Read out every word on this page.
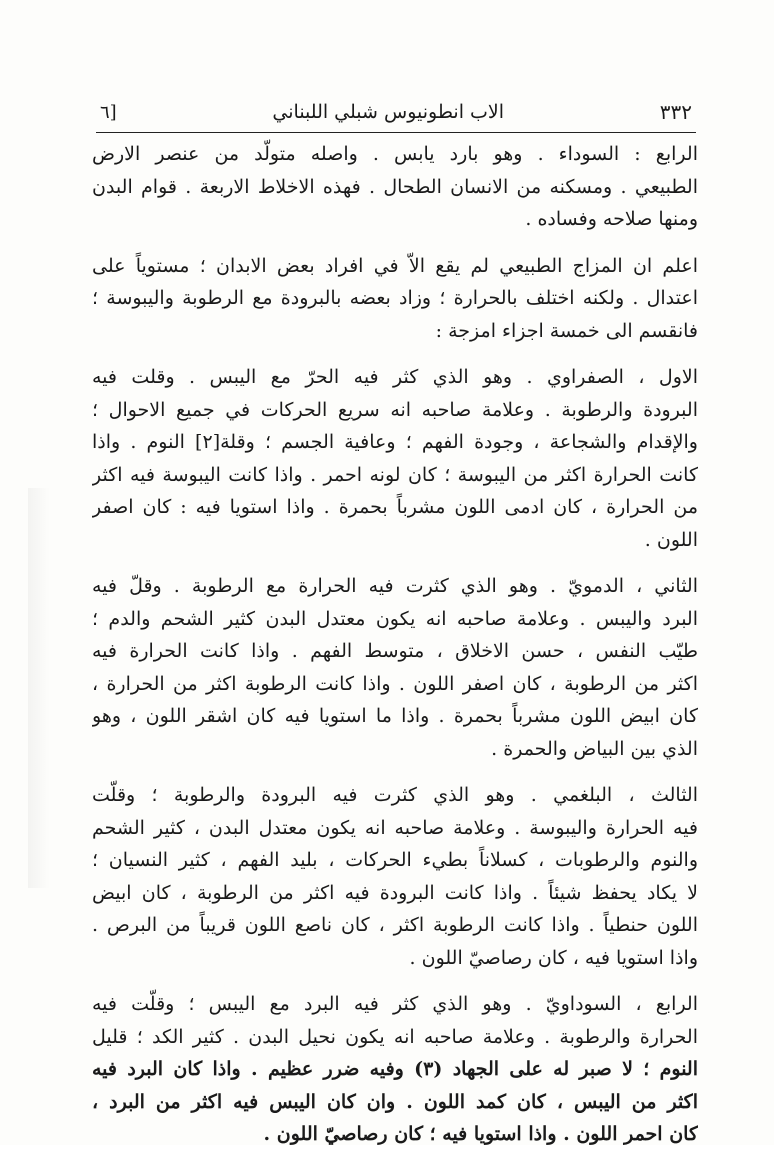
٣٣٢
الاب انطونيوس شبلي اللبناني
[٦
الرابع : السوداء . وهو بارد يابس . واصله متولّد من عنصر الارض
الطبيعي . ومسكنه من الانسان الطحال . فهذه الاخلاط الاربعة . قوام البدن
ومنها صلاحه وفساده .
اعلم ان المزاج الطبيعي لم يقع الاّ في افراد بعض الابدان ؛ مستوياً على
اعتدال . ولكنه اختلف بالحرارة ؛ وزاد بعضه بالبرودة مع الرطوبة واليبوسة ؛
فانقسم الى خمسة اجزاء امزجة :
الاول ، الصفراوي . وهو الذي كثر فيه الحرّ مع اليبس . وقلت فيه
البرودة والرطوبة . وعلامة صاحبه انه سريع الحركات في جميع الاحوال ؛
والإقدام والشجاعة ، وجودة الفهم ؛ وعافية الجسم ؛ وقلة[٢] النوم . واذا
كانت الحرارة اكثر من اليبوسة ؛ كان لونه احمر . واذا كانت اليبوسة فيه اكثر
من الحرارة ، كان ادمى اللون مشرباً بحمرة . واذا استويا فيه : كان اصفر
اللون .
الثاني ، الدمويّ . وهو الذي كثرت فيه الحرارة مع الرطوبة . وقلّ فيه
البرد واليبس . وعلامة صاحبه انه يكون معتدل البدن كثير الشحم والدم ؛
طيّب النفس ، حسن الاخلاق ، متوسط الفهم . واذا كانت الحرارة فيه
اكثر من الرطوبة ، كان اصفر اللون . واذا كانت الرطوبة اكثر من الحرارة ،
كان ابيض اللون مشرباً بحمرة . واذا ما استويا فيه كان اشقر اللون ، وهو
الذي بين البياض والحمرة .
الثالث ، البلغمي . وهو الذي كثرت فيه البرودة والرطوبة ؛ وقلّت
فيه الحرارة واليبوسة . وعلامة صاحبه انه يكون معتدل البدن ، كثير الشحم
والنوم والرطوبات ، كسلاناً بطيء الحركات ، بليد الفهم ، كثير النسيان ؛
لا يكاد يحفظ شيئاً . واذا كانت البرودة فيه اكثر من الرطوبة ، كان ابيض
اللون حنطياً . واذا كانت الرطوبة اكثر ، كان ناصع اللون قريباً من البرص .
واذا استويا فيه ، كان رصاصيّ اللون .
الرابع ، السوداويّ . وهو الذي كثر فيه البرد مع اليبس ؛ وقلّت فيه
الحرارة والرطوبة . وعلامة صاحبه انه يكون نحيل البدن . كثير الكد ؛ قليل
النوم ؛ لا صبر له على الجهاد (٣) وفيه ضرر عظيم . واذا كان البرد فيه
اكثر من اليبس ، كان كمد اللون . وان كان اليبس فيه اكثر من البرد ،
كان احمر اللون . واذا استويا فيه ؛ كان رصاصيّ اللون .
